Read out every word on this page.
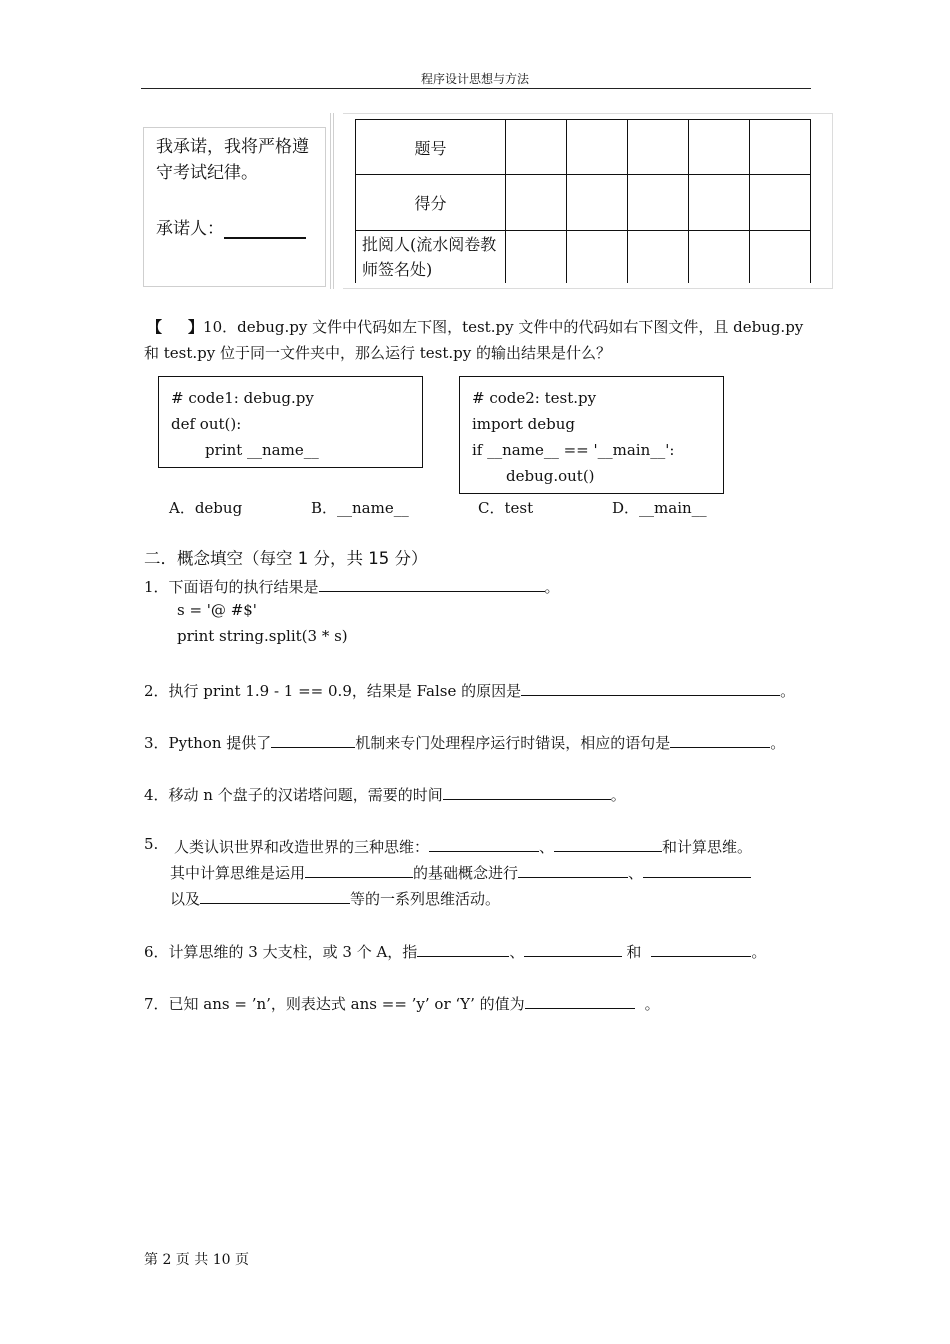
程序设计思想与方法
我承诺，我将严格遵守考试纪律。
承诺人：
题号					
得分					
批阅人(流水阅卷教师签名处)					
【 】10．debug.py 文件中代码如左下图，test.py 文件中的代码如右下图文件，且 debug.py
和 test.py 位于同一文件夹中，那么运行 test.py 的输出结果是什么？
# code1: debug.py
def out():
print __name__
# code2: test.py
import debug
if __name__ == '__main__':
debug.out()
A．debug	B．__name__	C．test	D．__main__
二．概念填空（每空 1 分，共 15 分）
1．下面语句的执行结果是	。
s = '@ #$'
print string.split(3 * s)
2．执行 print 1.9 - 1 == 0.9，结果是 False 的原因是	。
3．Python 提供了	机制来专门处理程序运行时错误，相应的语句是	。
4．移动 n 个盘子的汉诺塔问题，需要的时间	。
5. 人类认识世界和改造世界的三种思维：	、	和计算思维。
其中计算思维是运用	的基础概念进行	、
以及	等的一系列思维活动。
6．计算思维的 3 大支柱，或 3 个 A，指	、	和	。
7．已知 ans = ’n’，则表达式 ans == ’y’ or ‘Y’ 的值为	。
第 2 页 共 10 页
